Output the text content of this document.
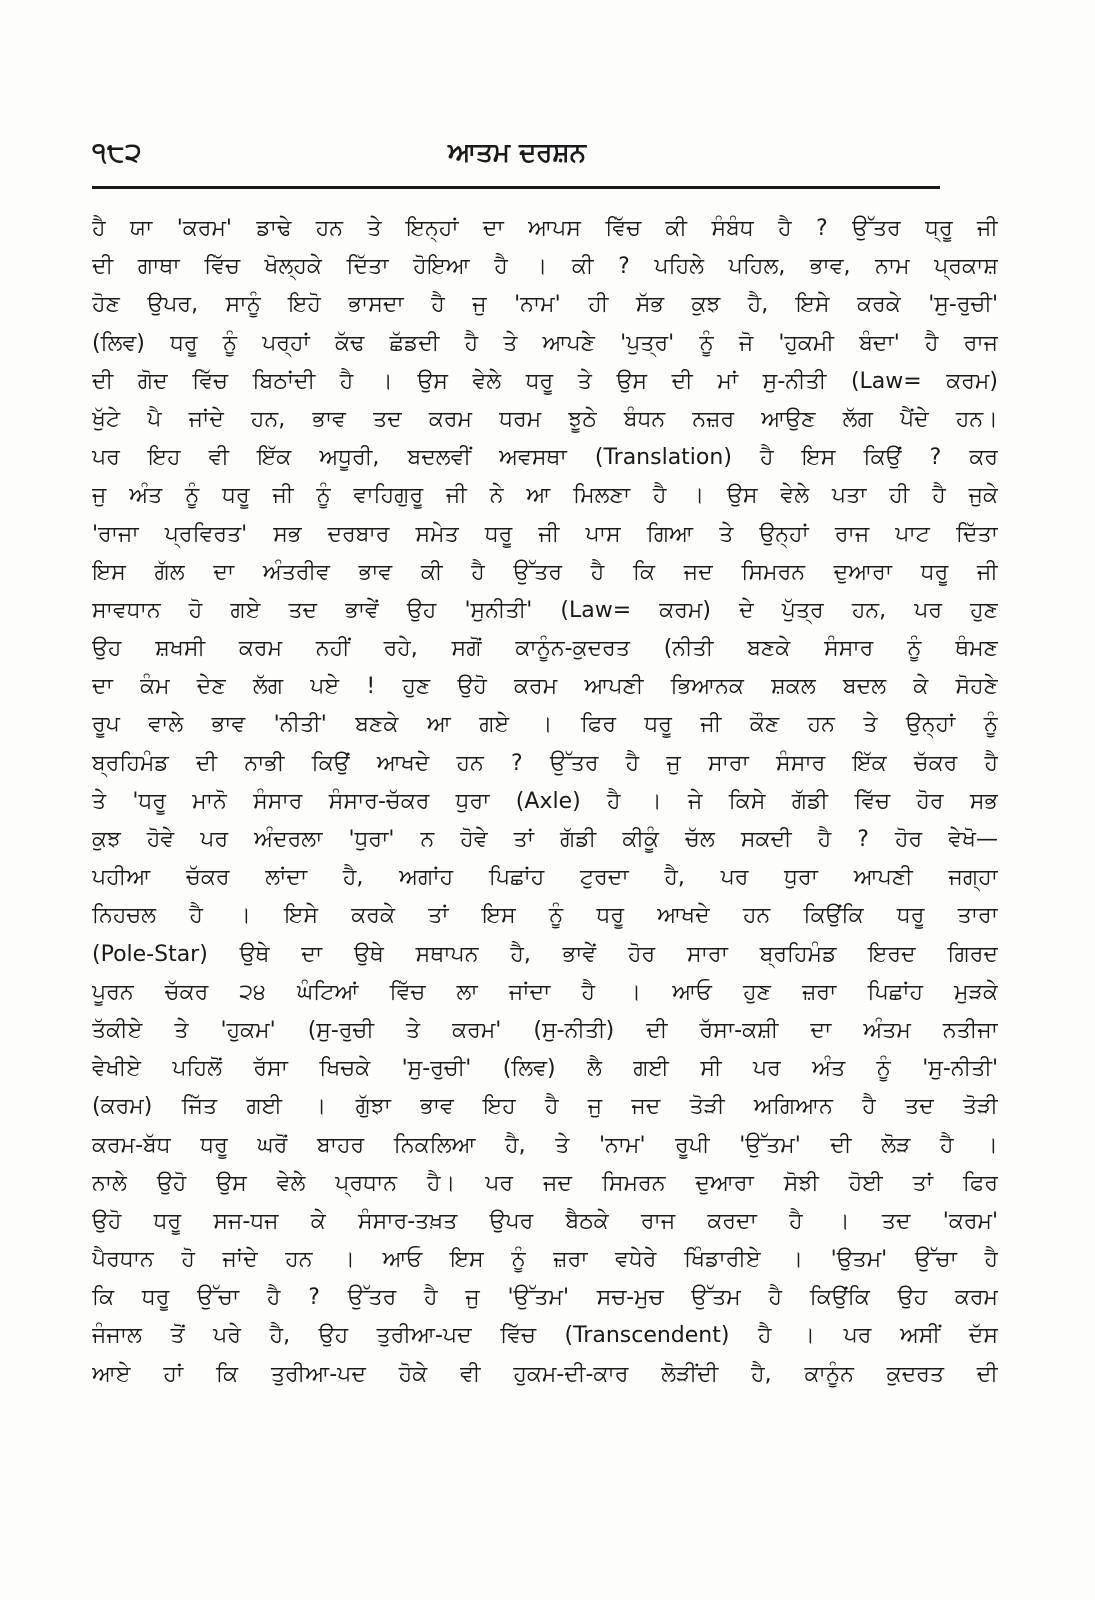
੧੮੨	ਆਤਮ ਦਰਸ਼ਨ
ਹੈ ਯਾ 'ਕਰਮ' ਡਾਢੇ ਹਨ ਤੇ ਇਨ੍ਹਾਂ ਦਾ ਆਪਸ ਵਿੱਚ ਕੀ ਸੰਬੰਧ ਹੈ ? ਉੱਤਰ ਧ੍ਰੂ ਜੀ
ਦੀ ਗਾਥਾ ਵਿੱਚ ਖੋਲ੍ਹਕੇ ਦਿੱਤਾ ਹੋਇਆ ਹੈ । ਕੀ ? ਪਹਿਲੇ ਪਹਿਲ, ਭਾਵ, ਨਾਮ ਪ੍ਰਕਾਸ਼
ਹੋਣ ਉਪਰ, ਸਾਨੂੰ ਇਹੋ ਭਾਸਦਾ ਹੈ ਜੁ 'ਨਾਮ' ਹੀ ਸੱਭ ਕੁਝ ਹੈ, ਇਸੇ ਕਰਕੇ 'ਸੁ-ਰੁਚੀ'
(ਲਿਵ) ਧਰੂ ਨੂੰ ਪਰ੍ਹਾਂ ਕੱਢ ਛੱਡਦੀ ਹੈ ਤੇ ਆਪਣੇ 'ਪੁਤ੍ਰ' ਨੂੰ ਜੋ 'ਹੁਕਮੀ ਬੰਦਾ' ਹੈ ਰਾਜ
ਦੀ ਗੋਦ ਵਿੱਚ ਬਿਠਾਂਦੀ ਹੈ । ਉਸ ਵੇਲੇ ਧਰੂ ਤੇ ਉਸ ਦੀ ਮਾਂ ਸੁ-ਨੀਤੀ (Law= ਕਰਮ)
ਖੁੱਟੇ ਪੈ ਜਾਂਦੇ ਹਨ, ਭਾਵ ਤਦ ਕਰਮ ਧਰਮ ਝੂਠੇ ਬੰਧਨ ਨਜ਼ਰ ਆਉਣ ਲੱਗ ਪੈਂਦੇ ਹਨ।
ਪਰ ਇਹ ਵੀ ਇੱਕ ਅਧੂਰੀ, ਬਦਲਵੀਂ ਅਵਸਥਾ (Translation) ਹੈ ਇਸ ਕਿਉਂ ? ਕਰ
ਜੁ ਅੰਤ ਨੂੰ ਧਰੂ ਜੀ ਨੂੰ ਵਾਹਿਗੁਰੂ ਜੀ ਨੇ ਆ ਮਿਲਣਾ ਹੈ । ਉਸ ਵੇਲੇ ਪਤਾ ਹੀ ਹੈ ਜੁਕੇ
'ਰਾਜਾ ਪ੍ਰਵਿਰਤ' ਸਭ ਦਰਬਾਰ ਸਮੇਤ ਧਰੂ ਜੀ ਪਾਸ ਗਿਆ ਤੇ ਉਨ੍ਹਾਂ ਰਾਜ ਪਾਟ ਦਿੱਤਾ
ਇਸ ਗੱਲ ਦਾ ਅੰਤਰੀਵ ਭਾਵ ਕੀ ਹੈ ਉੱਤਰ ਹੈ ਕਿ ਜਦ ਸਿਮਰਨ ਦੁਆਰਾ ਧਰੂ ਜੀ
ਸਾਵਧਾਨ ਹੋ ਗਏ ਤਦ ਭਾਵੇਂ ਉਹ 'ਸੁਨੀਤੀ' (Law= ਕਰਮ) ਦੇ ਪੁੱਤ੍ਰ ਹਨ, ਪਰ ਹੁਣ
ਉਹ ਸ਼ਖਸੀ ਕਰਮ ਨਹੀਂ ਰਹੇ, ਸਗੋਂ ਕਾਨੂੰਨ-ਕੁਦਰਤ (ਨੀਤੀ ਬਣਕੇ ਸੰਸਾਰ ਨੂੰ ਥੰਮਣ
ਦਾ ਕੰਮ ਦੇਣ ਲੱਗ ਪਏ ! ਹੁਣ ਉਹੋ ਕਰਮ ਆਪਣੀ ਭਿਆਨਕ ਸ਼ਕਲ ਬਦਲ ਕੇ ਸੋਹਣੇ
ਰੂਪ ਵਾਲੇ ਭਾਵ 'ਨੀਤੀ' ਬਣਕੇ ਆ ਗਏ । ਫਿਰ ਧਰੂ ਜੀ ਕੌਣ ਹਨ ਤੇ ਉਨ੍ਹਾਂ ਨੂੰ
ਬ੍ਰਹਿਮੰਡ ਦੀ ਨਾਭੀ ਕਿਉਂ ਆਖਦੇ ਹਨ ? ਉੱਤਰ ਹੈ ਜੁ ਸਾਰਾ ਸੰਸਾਰ ਇੱਕ ਚੱਕਰ ਹੈ
ਤੇ 'ਧਰੂ ਮਾਨੋ ਸੰਸਾਰ ਸੰਸਾਰ-ਚੱਕਰ ਧੁਰਾ (Axle) ਹੈ । ਜੇ ਕਿਸੇ ਗੱਡੀ ਵਿੱਚ ਹੋਰ ਸਭ
ਕੁਝ ਹੋਵੇ ਪਰ ਅੰਦਰਲਾ 'ਧੁਰਾ' ਨ ਹੋਵੇ ਤਾਂ ਗੱਡੀ ਕੀਕੂੰ ਚੱਲ ਸਕਦੀ ਹੈ ? ਹੋਰ ਵੇਖੋ—
ਪਹੀਆ ਚੱਕਰ ਲਾਂਦਾ ਹੈ, ਅਗਾਂਹ ਪਿਛਾਂਹ ਟੁਰਦਾ ਹੈ, ਪਰ ਧੁਰਾ ਆਪਣੀ ਜਗ੍ਹਾ
ਨਿਹਚਲ ਹੈ । ਇਸੇ ਕਰਕੇ ਤਾਂ ਇਸ ਨੂੰ ਧਰੂ ਆਖਦੇ ਹਨ ਕਿਉਂਕਿ ਧਰੂ ਤਾਰਾ
(Pole-Star) ਉਥੇ ਦਾ ਉਥੇ ਸਥਾਪਨ ਹੈ, ਭਾਵੇਂ ਹੋਰ ਸਾਰਾ ਬ੍ਰਹਿਮੰਡ ਇਰਦ ਗਿਰਦ
ਪੂਰਨ ਚੱਕਰ ੨੪ ਘੰਟਿਆਂ ਵਿੱਚ ਲਾ ਜਾਂਦਾ ਹੈ । ਆਓ ਹੁਣ ਜ਼ਰਾ ਪਿਛਾਂਹ ਮੁੜਕੇ
ਤੱਕੀਏ ਤੇ 'ਹੁਕਮ' (ਸੁ-ਰੁਚੀ ਤੇ ਕਰਮ' (ਸੁ-ਨੀਤੀ) ਦੀ ਰੱਸਾ-ਕਸ਼ੀ ਦਾ ਅੰਤਮ ਨਤੀਜਾ
ਵੇਖੀਏ ਪਹਿਲੋਂ ਰੱਸਾ ਖਿਚਕੇ 'ਸੁ-ਰੁਚੀ' (ਲਿਵ) ਲੈ ਗਈ ਸੀ ਪਰ ਅੰਤ ਨੂੰ 'ਸੁ-ਨੀਤੀ'
(ਕਰਮ) ਜਿੱਤ ਗਈ । ਗੁੱਝਾ ਭਾਵ ਇਹ ਹੈ ਜੁ ਜਦ ਤੋੜੀ ਅਗਿਆਨ ਹੈ ਤਦ ਤੋੜੀ
ਕਰਮ-ਬੱਧ ਧਰੂ ਘਰੋਂ ਬਾਹਰ ਨਿਕਲਿਆ ਹੈ, ਤੇ 'ਨਾਮ' ਰੂਪੀ 'ਉੱਤਮ' ਦੀ ਲੋੜ ਹੈ ।
ਨਾਲੇ ਉਹੋ ਉਸ ਵੇਲੇ ਪ੍ਰਧਾਨ ਹੈ। ਪਰ ਜਦ ਸਿਮਰਨ ਦੁਆਰਾ ਸੋਝੀ ਹੋਈ ਤਾਂ ਫਿਰ
ਉਹੋ ਧਰੂ ਸਜ-ਧਜ ਕੇ ਸੰਸਾਰ-ਤਖ਼ਤ ਉਪਰ ਬੈਠਕੇ ਰਾਜ ਕਰਦਾ ਹੈ । ਤਦ 'ਕਰਮ'
ਪੈਰਧਾਨ ਹੋ ਜਾਂਦੇ ਹਨ । ਆਓ ਇਸ ਨੂੰ ਜ਼ਰਾ ਵਧੇਰੇ ਖਿੰਡਾਰੀਏ । 'ਉਤਮ' ਉੱਚਾ ਹੈ
ਕਿ ਧਰੂ ਉੱਚਾ ਹੈ ? ਉੱਤਰ ਹੈ ਜੁ 'ਉੱਤਮ' ਸਚ-ਮੁਚ ਉੱਤਮ ਹੈ ਕਿਉਂਕਿ ਉਹ ਕਰਮ
ਜੰਜਾਲ ਤੋਂ ਪਰੇ ਹੈ, ਉਹ ਤੁਰੀਆ-ਪਦ ਵਿੱਚ (Transcendent) ਹੈ । ਪਰ ਅਸੀਂ ਦੱਸ
ਆਏ ਹਾਂ ਕਿ ਤੁਰੀਆ-ਪਦ ਹੋਕੇ ਵੀ ਹੁਕਮ-ਦੀ-ਕਾਰ ਲੋੜੀਂਦੀ ਹੈ, ਕਾਨੂੰਨ ਕੁਦਰਤ ਦੀ
